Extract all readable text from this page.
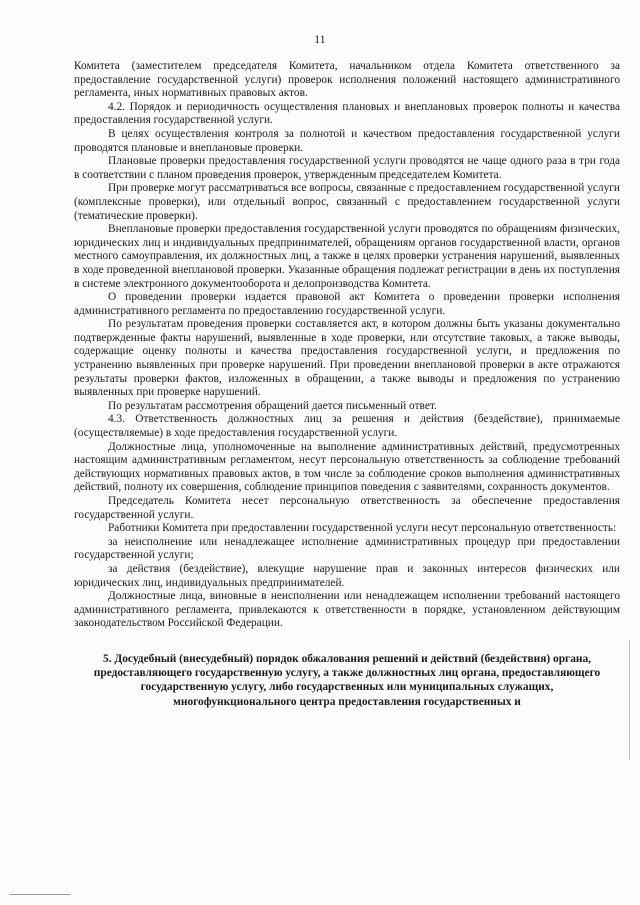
11

Комитета (заместителем председателя Комитета, начальником отдела Комитета ответственного за предоставление государственной услуги) проверок исполнения положений настоящего административного регламента, иных нормативных правовых актов.

4.2. Порядок и периодичность осуществления плановых и внеплановых проверок полноты и качества предоставления государственной услуги.

В целях осуществления контроля за полнотой и качеством предоставления государственной услуги проводятся плановые и внеплановые проверки.

Плановые проверки предоставления государственной услуги проводятся не чаще одного раза в три года в соответствии с планом проведения проверок, утвержденным председателем Комитета.

При проверке могут рассматриваться все вопросы, связанные с предоставлением государственной услуги (комплексные проверки), или отдельный вопрос, связанный с предоставлением государственной услуги (тематические проверки).

Внеплановые проверки предоставления государственной услуги проводятся по обращениям физических, юридических лиц и индивидуальных предпринимателей, обращениям органов государственной власти, органов местного самоуправления, их должностных лиц, а также в целях проверки устранения нарушений, выявленных в ходе проведенной внеплановой проверки. Указанные обращения подлежат регистрации в день их поступления в системе электронного документооборота и делопроизводства Комитета.

О проведении проверки издается правовой акт Комитета о проведении проверки исполнения административного регламента по предоставлению государственной услуги.

По результатам проведения проверки составляется акт, в котором должны быть указаны документально подтвержденные факты нарушений, выявленные в ходе проверки, или отсутствие таковых, а также выводы, содержащие оценку полноты и качества предоставления государственной услуги, и предложения по устранению выявленных при проверке нарушений. При проведении внеплановой проверки в акте отражаются результаты проверки фактов, изложенных в обращении, а также выводы и предложения по устранению выявленных при проверке нарушений.

По результатам рассмотрения обращений дается письменный ответ.

4.3. Ответственность должностных лиц за решения и действия (бездействие), принимаемые (осуществляемые) в ходе предоставления государственной услуги.

Должностные лица, уполномоченные на выполнение административных действий, предусмотренных настоящим административным регламентом, несут персональную ответственность за соблюдение требований действующих нормативных правовых актов, в том числе за соблюдение сроков выполнения административных действий, полноту их совершения, соблюдение принципов поведения с заявителями, сохранность документов.

Председатель Комитета несет персональную ответственность за обеспечение предоставления государственной услуги.

Работники Комитета при предоставлении государственной услуги несут персональную ответственность:

за неисполнение или ненадлежащее исполнение административных процедур при предоставлении государственной услуги;

за действия (бездействие), влекущие нарушение прав и законных интересов физических или юридических лиц, индивидуальных предпринимателей.

Должностные лица, виновные в неисполнении или ненадлежащем исполнении требований настоящего административного регламента, привлекаются к ответственности в порядке, установленном действующим законодательством Российской Федерации.

5. Досудебный (внесудебный) порядок обжалования решений и действий (бездействия) органа, предоставляющего государственную услугу, а также должностных лиц органа, предоставляющего государственную услугу, либо государственных или муниципальных служащих, многофункционального центра предоставления государственных и
